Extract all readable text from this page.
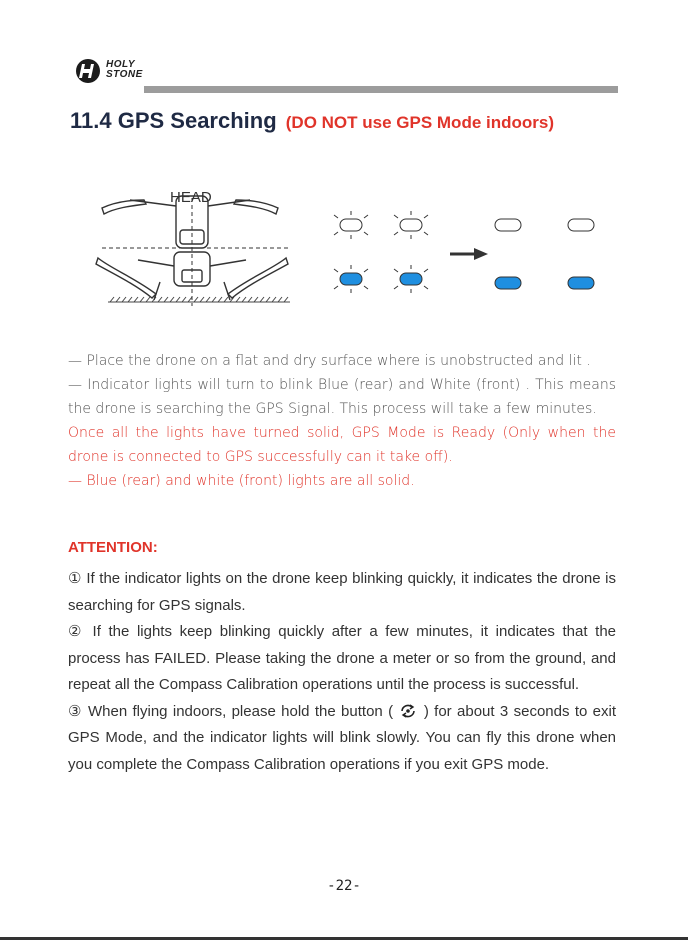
HOLY
STONE
11.4 GPS Searching (DO NOT use GPS Mode indoors)
HEAD

— Place the drone on a flat and dry surface where is unobstructed and lit .

— Indicator lights will turn to blink Blue (rear) and White (front) . This means the drone is searching the GPS Signal. This process will take a few minutes.

Once all the lights have turned solid, GPS Mode is Ready (Only when the drone is connected to GPS successfully can it take off).

— Blue (rear) and white (front) lights are all solid.

ATTENTION:

① If the indicator lights on the drone keep blinking quickly, it indicates the drone is searching for GPS signals.

② If the lights keep blinking quickly after a few minutes, it indicates that the process has FAILED. Please taking the drone a meter or so from the ground, and repeat all the Compass Calibration operations until the process is successful.

③ When flying indoors, please hold the button ( ) for about 3 seconds to exit GPS Mode, and the indicator lights will blink slowly. You can fly this drone when you complete the Compass Calibration operations if you exit GPS mode.

-22-
